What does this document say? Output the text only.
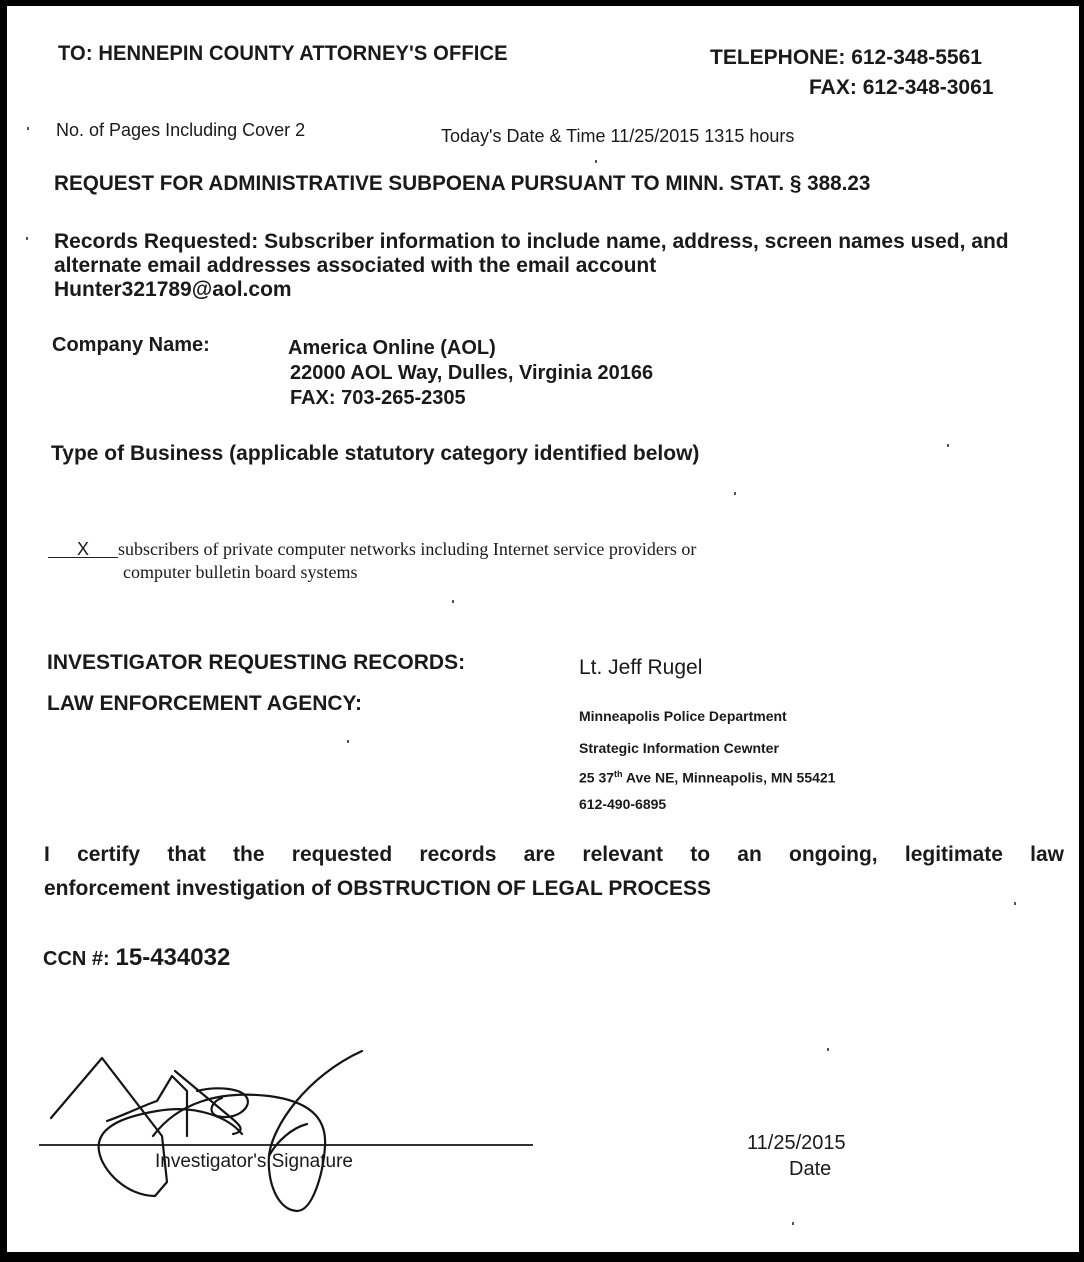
TO: HENNEPIN COUNTY ATTORNEY'S OFFICE	TELEPHONE: 612-348-5561
FAX: 612-348-3061
No. of Pages Including Cover 2	Today's Date & Time 11/25/2015 1315 hours
REQUEST FOR ADMINISTRATIVE SUBPOENA PURSUANT TO MINN. STAT. § 388.23
Records Requested: Subscriber information to include name, address, screen names used, and alternate email addresses associated with the email account
Hunter321789@aol.com
Company Name:	America Online (AOL)
22000 AOL Way, Dulles, Virginia 20166
FAX: 703-265-2305
Type of Business (applicable statutory category identified below)
X subscribers of private computer networks including Internet service providers or
computer bulletin board systems
INVESTIGATOR REQUESTING RECORDS:	Lt. Jeff Rugel
LAW ENFORCEMENT AGENCY:
Minneapolis Police Department
Strategic Information Cewnter
25 37th Ave NE, Minneapolis, MN 55421
612-490-6895
I certify that the requested records are relevant to an ongoing, legitimate law
enforcement investigation of OBSTRUCTION OF LEGAL PROCESS
CCN #: 15-434032
Investigator's Signature
11/25/2015
Date
